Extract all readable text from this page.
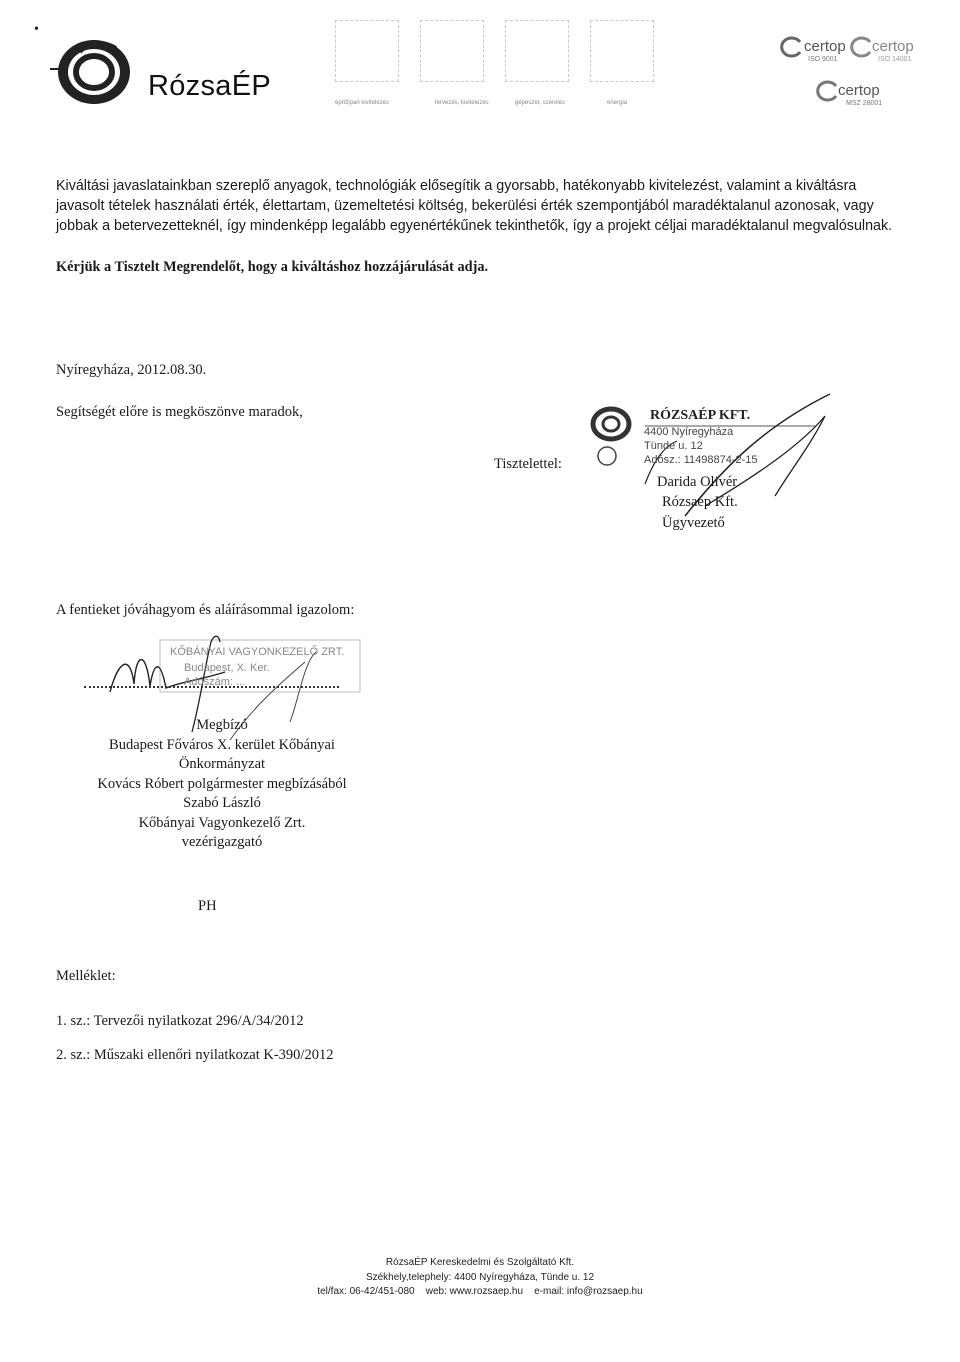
•
RózsaÉP
építőipari kivitelezés	tervezés, kivitelezés	gépészet, szerelés	energia
certop
ISO 9001
certop
ISO 14001
certop
MSZ 28001
Kiváltási javaslatainkban szereplő anyagok, technológiák elősegítik a gyorsabb, hatékonyabb kivitelezést, valamint a kiváltásra
javasolt tételek használati érték, élettartam, üzemeltetési költség, bekerülési érték szempontjából maradéktalanul azonosak, vagy
jobbak a betervezetteknél, így mindenképp legalább egyenértékűnek tekinthetők, így a projekt céljai maradéktalanul megvalósulnak.
Kérjük a Tisztelt Megrendelőt, hogy a kiváltáshoz hozzájárulását adja.
Nyíregyháza, 2012.08.30.
Segítségét előre is megköszönve maradok,
Tisztelettel:
RÓZSAÉP KFT.
4400 Nyíregyháza
Tünde u. 12
Adósz.: 11498874-2-15
Darida Olivér
Rózsaép Kft.
Ügyvezető
A fentieket jóváhagyom és aláírásommal igazolom:
KŐBÁNYAI VAGYONKEZELŐ ZRT.
Budapest, X. Ker.
Adószám: ...
Megbízó
Budapest Főváros X. kerület Kőbányai
Önkormányzat
Kovács Róbert polgármester megbízásából
Szabó László
Kőbányai Vagyonkezelő Zrt.
vezérigazgató
PH
Melléklet:
1. sz.: Tervezői nyilatkozat 296/A/34/2012
2. sz.: Műszaki ellenőri nyilatkozat K-390/2012
RózsaÉP Kereskedelmi és Szolgáltató Kft.
Székhely,telephely: 4400 Nyíregyháza, Tünde u. 12
tel/fax: 06-42/451-080    web: www.rozsaep.hu    e-mail: info@rozsaep.hu
